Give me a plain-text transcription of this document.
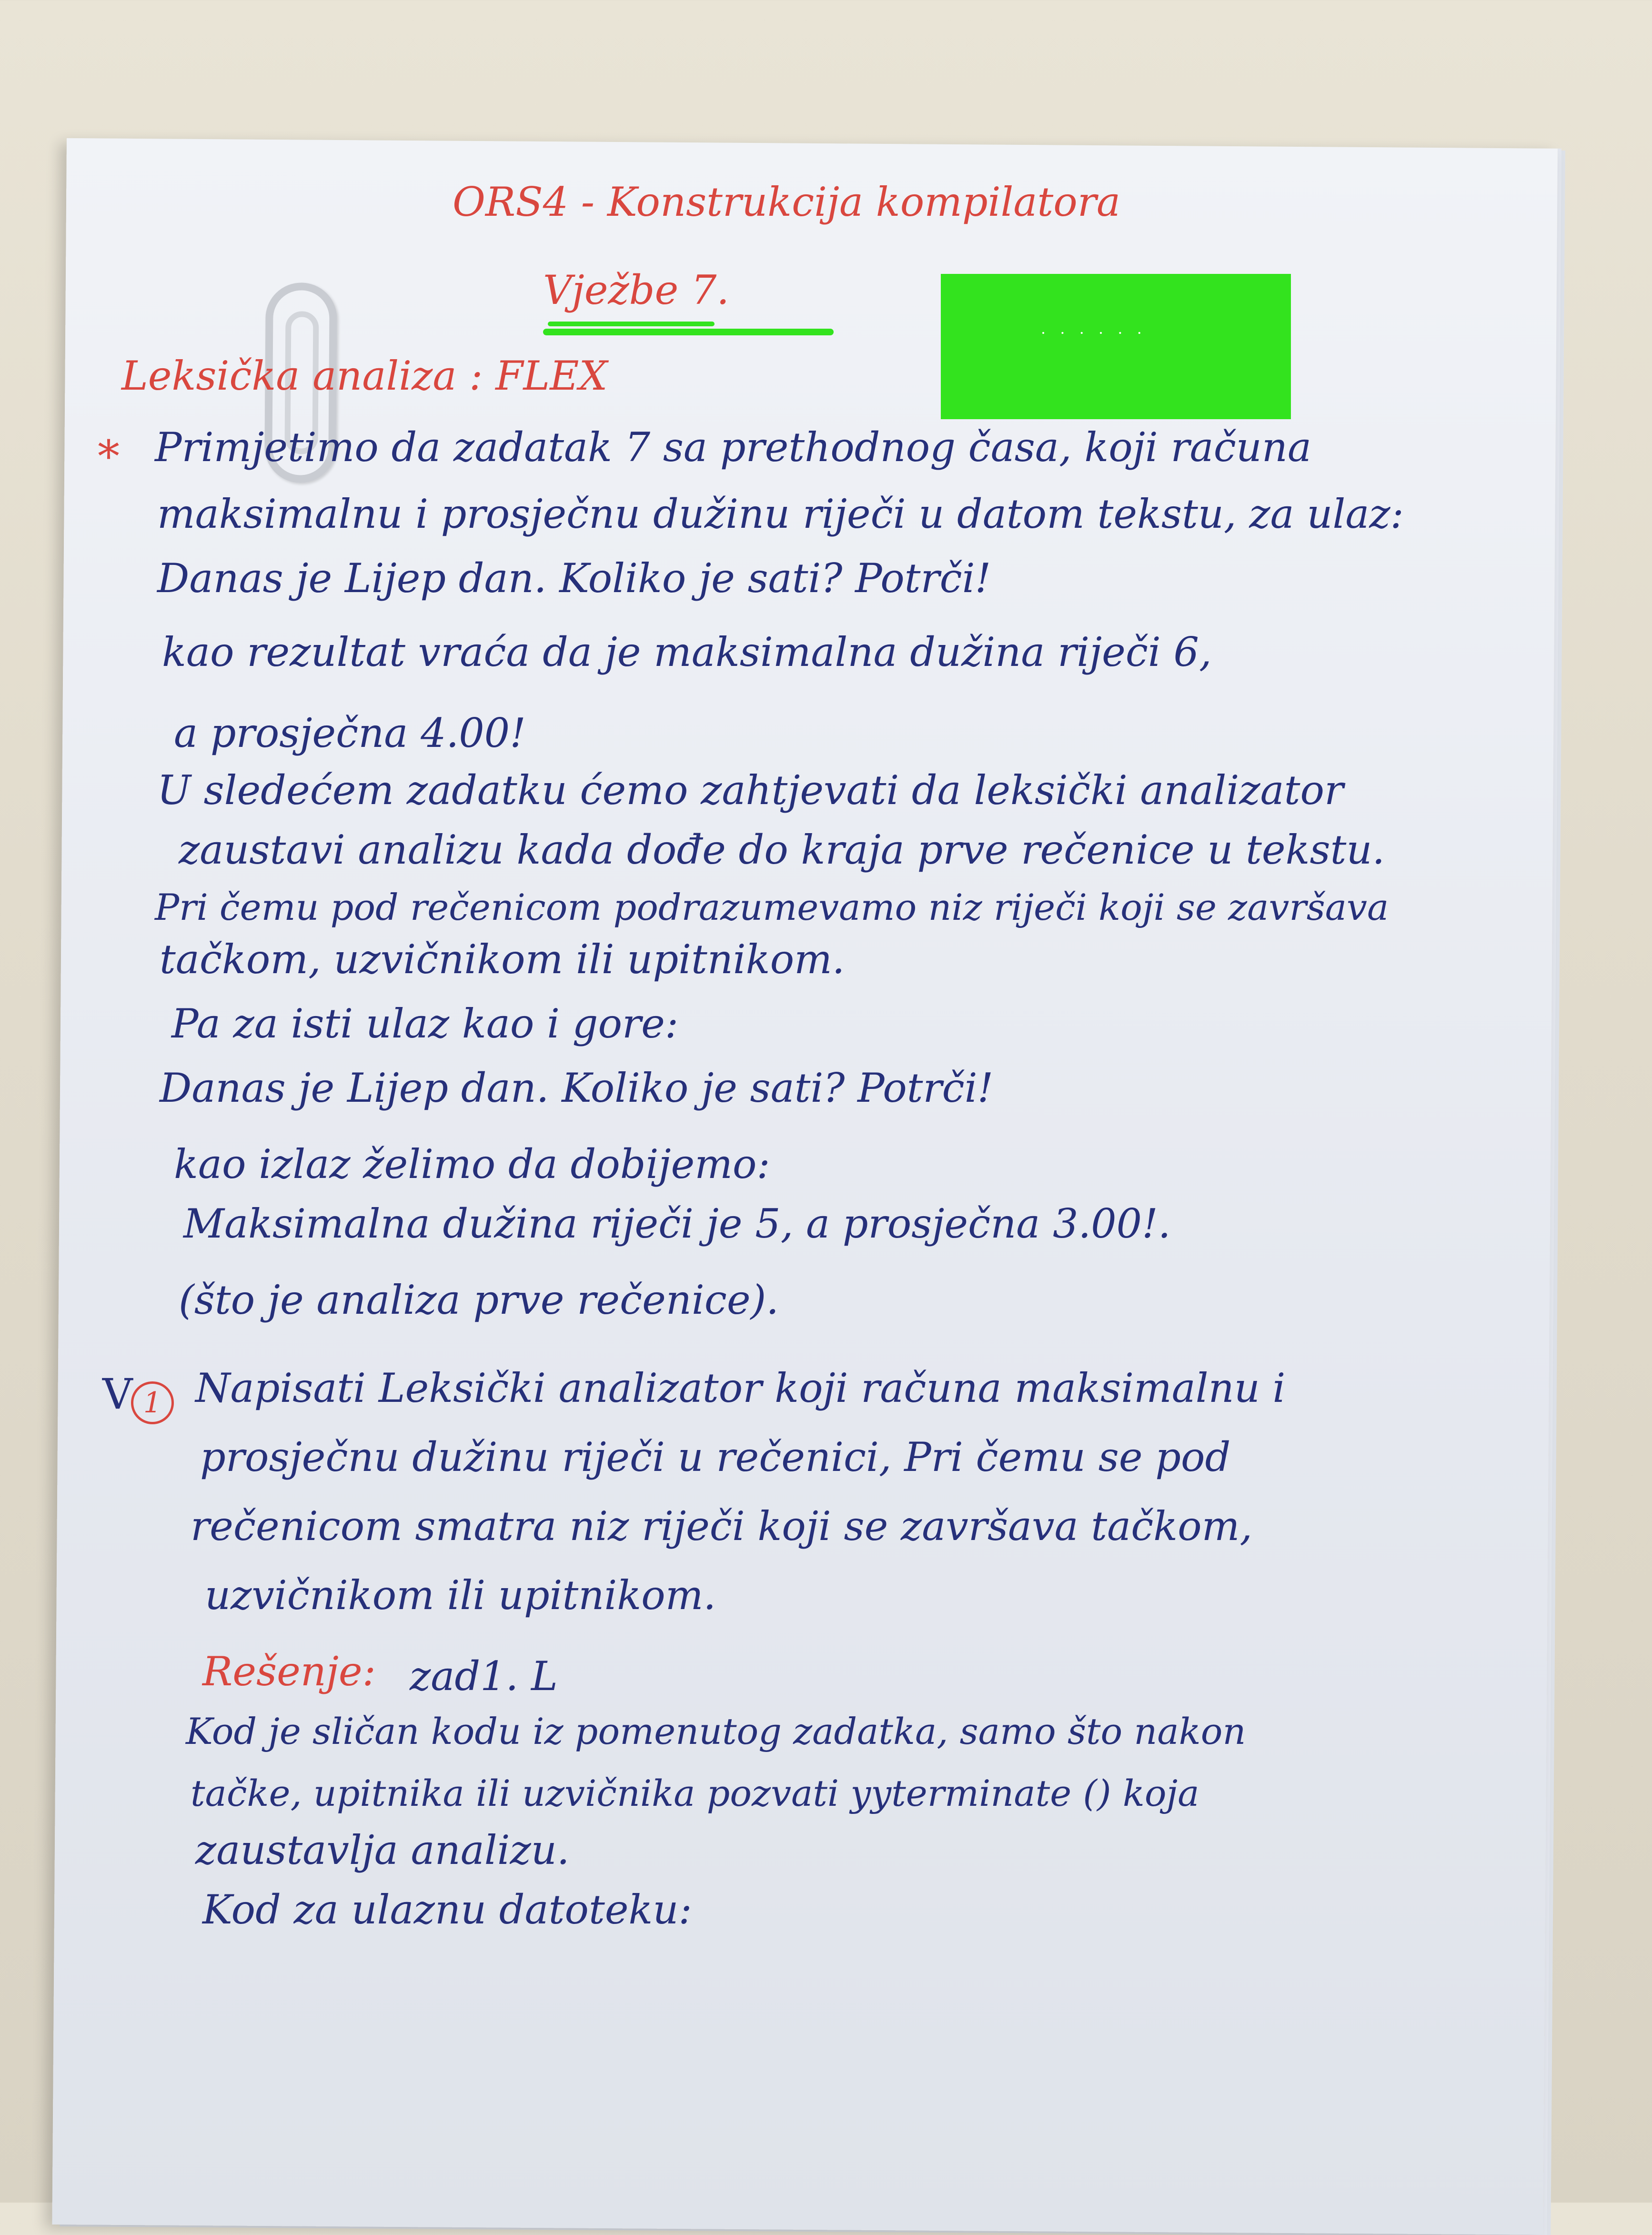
· · · · · ·
ORS4 - Konstrukcija kompilatora
Vježbe 7.
Leksička analiza : FLEX
* Primjetimo da zadatak 7 sa prethodnog časa, koji računa
maksimalnu i prosječnu dužinu riječi u datom tekstu, za ulaz:
Danas je Lijep dan. Koliko je sati? Potrči!
kao rezultat vraća da je maksimalna dužina riječi 6,
a prosječna 4.00!
U sledećem zadatku ćemo zahtjevati da leksički analizator
zaustavi analizu kada dođe do kraja prve rečenice u tekstu.
Pri čemu pod rečenicom podrazumevamo niz riječi koji se završava
tačkom, uzvičnikom ili upitnikom.
Pa za isti ulaz kao i gore:
Danas je Lijep dan. Koliko je sati? Potrči!
kao izlaz želimo da dobijemo:
Maksimalna dužina riječi je 5, a prosječna 3.00!.
(što je analiza prve rečenice).
V 1 Napisati Leksički analizator koji računa maksimalnu i
prosječnu dužinu riječi u rečenici, Pri čemu se pod
rečenicom smatra niz riječi koji se završava tačkom,
uzvičnikom ili upitnikom.
Rešenje: zad1. L
Kod je sličan kodu iz pomenutog zadatka, samo što nakon
tačke, upitnika ili uzvičnika pozvati yyterminate () koja
zaustavlja analizu.
Kod za ulaznu datoteku:
